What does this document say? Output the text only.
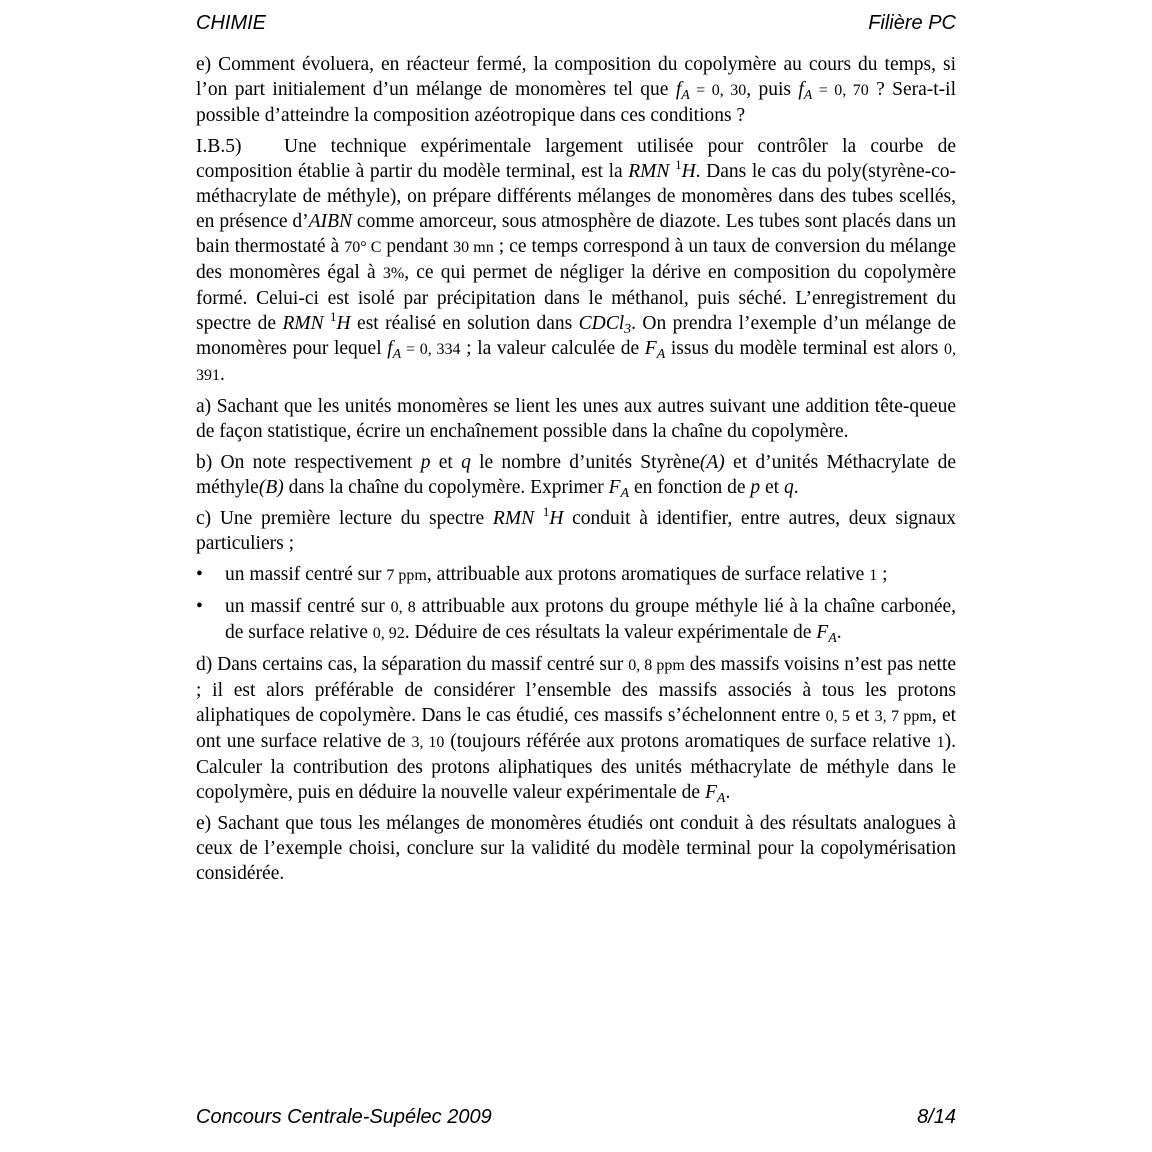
CHIMIE	Filière PC

e) Comment évoluera, en réacteur fermé, la composition du copolymère au cours du temps, si l’on part initialement d’un mélange de monomères tel que $f_A = 0$, 30, puis $f_A = 0$, 70 ? Sera-t-il possible d’atteindre la composition azéotropique dans ces conditions ?

I.B.5) Une technique expérimentale largement utilisée pour contrôler la courbe de composition établie à partir du modèle terminal, est la RMN $^1$H. Dans le cas du poly(styrène-co-méthacrylate de méthyle), on prépare différents mélanges de monomères dans des tubes scellés, en présence d’AIBN comme amorceur, sous atmosphère de diazote. Les tubes sont placés dans un bain thermostaté à 70° C pendant 30 mn ; ce temps correspond à un taux de conversion du mélange des monomères égal à 3%, ce qui permet de négliger la dérive en composition du copolymère formé. Celui-ci est isolé par précipitation dans le méthanol, puis séché. L’enregistrement du spectre de RMN $^1$H est réalisé en solution dans CDCl$_3$. On prendra l’exemple d’un mélange de monomères pour lequel $f_A = 0$, 334 ; la valeur calculée de $F_A$ issus du modèle terminal est alors 0, 391.

a) Sachant que les unités monomères se lient les unes aux autres suivant une addition tête-queue de façon statistique, écrire un enchaînement possible dans la chaîne du copolymère.

b) On note respectivement p et q le nombre d’unités Styrène(A) et d’unités Méthacrylate de méthyle(B) dans la chaîne du copolymère. Exprimer $F_A$ en fonction de p et q.

c) Une première lecture du spectre RMN $^1$H conduit à identifier, entre autres, deux signaux particuliers ;

• un massif centré sur 7 ppm, attribuable aux protons aromatiques de surface relative 1 ;
• un massif centré sur 0, 8 attribuable aux protons du groupe méthyle lié à la chaîne carbonée, de surface relative 0, 92. Déduire de ces résultats la valeur expérimentale de $F_A$.

d) Dans certains cas, la séparation du massif centré sur 0, 8 ppm des massifs voisins n’est pas nette ; il est alors préférable de considérer l’ensemble des massifs associés à tous les protons aliphatiques de copolymère. Dans le cas étudié, ces massifs s’échelonnent entre 0, 5 et 3, 7 ppm, et ont une surface relative de 3, 10 (toujours référée aux protons aromatiques de surface relative 1). Calculer la contribution des protons aliphatiques des unités méthacrylate de méthyle dans le copolymère, puis en déduire la nouvelle valeur expérimentale de $F_A$.

e) Sachant que tous les mélanges de monomères étudiés ont conduit à des résultats analogues à ceux de l’exemple choisi, conclure sur la validité du modèle terminal pour la copolymérisation considérée.

Concours Centrale-Supélec 2009	8/14
